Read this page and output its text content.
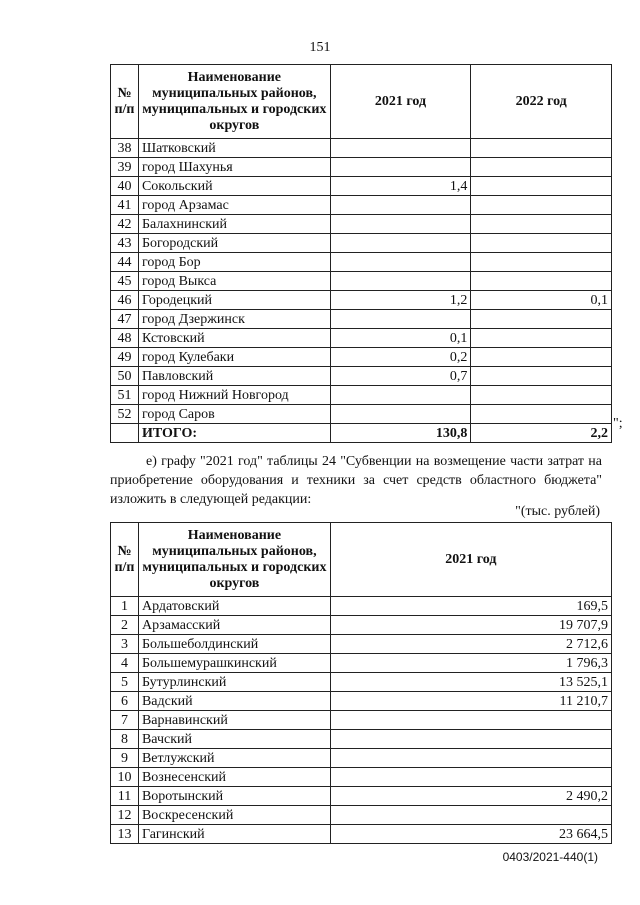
151
№ п/п	Наименование муниципальных районов, муниципальных и городских округов	2021 год	2022 год
38	Шатковский		
39	город Шахунья		
40	Сокольский	1,4	
41	город Арзамас		
42	Балахнинский		
43	Богородский		
44	город Бор		
45	город Выкса		
46	Городецкий	1,2	0,1
47	город Дзержинск		
48	Кстовский	0,1	
49	город Кулебаки	0,2	
50	Павловский	0,7	
51	город Нижний Новгород		
52	город Саров		
	ИТОГО:	130,8	2,2
";
е) графу "2021 год" таблицы 24 "Субвенции на возмещение части затрат на приобретение оборудования и техники за счет средств областного бюджета" изложить в следующей редакции:
"(тыс. рублей)
№ п/п	Наименование муниципальных районов, муниципальных и городских округов	2021 год
1	Ардатовский	169,5
2	Арзамасский	19 707,9
3	Большеболдинский	2 712,6
4	Большемурашкинский	1 796,3
5	Бутурлинский	13 525,1
6	Вадский	11 210,7
7	Варнавинский	
8	Вачский	
9	Ветлужский	
10	Вознесенский	
11	Воротынский	2 490,2
12	Воскресенский	
13	Гагинский	23 664,5
0403/2021-440(1)
